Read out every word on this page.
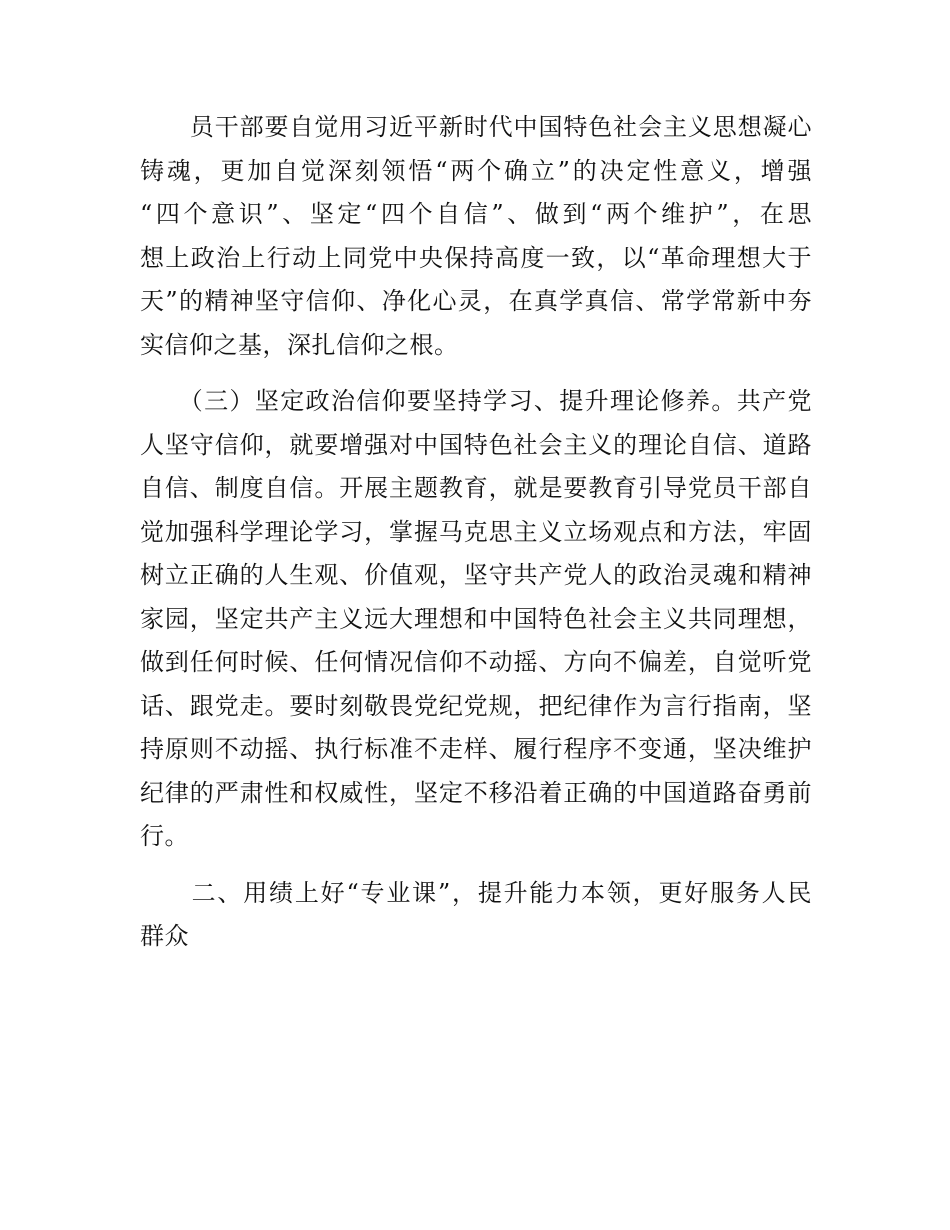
　　员干部要自觉用习近平新时代中国特色社会主义思想凝心
铸魂，更加自觉深刻领悟“两个确立”的决定性意义，增强
“四个意识”、坚定“四个自信”、做到“两个维护”，在思
想上政治上行动上同党中央保持高度一致，以“革命理想大于
天”的精神坚守信仰、净化心灵，在真学真信、常学常新中夯
实信仰之基，深扎信仰之根。

　　（三）坚定政治信仰要坚持学习、提升理论修养。共产党
人坚守信仰，就要增强对中国特色社会主义的理论自信、道路
自信、制度自信。开展主题教育，就是要教育引导党员干部自
觉加强科学理论学习，掌握马克思主义立场观点和方法，牢固
树立正确的人生观、价值观，坚守共产党人的政治灵魂和精神
家园，坚定共产主义远大理想和中国特色社会主义共同理想，
做到任何时候、任何情况信仰不动摇、方向不偏差，自觉听党
话、跟党走。要时刻敬畏党纪党规，把纪律作为言行指南，坚
持原则不动摇、执行标准不走样、履行程序不变通，坚决维护
纪律的严肃性和权威性，坚定不移沿着正确的中国道路奋勇前
行。

　　二、用绩上好“专业课”，提升能力本领，更好服务人民
群众
